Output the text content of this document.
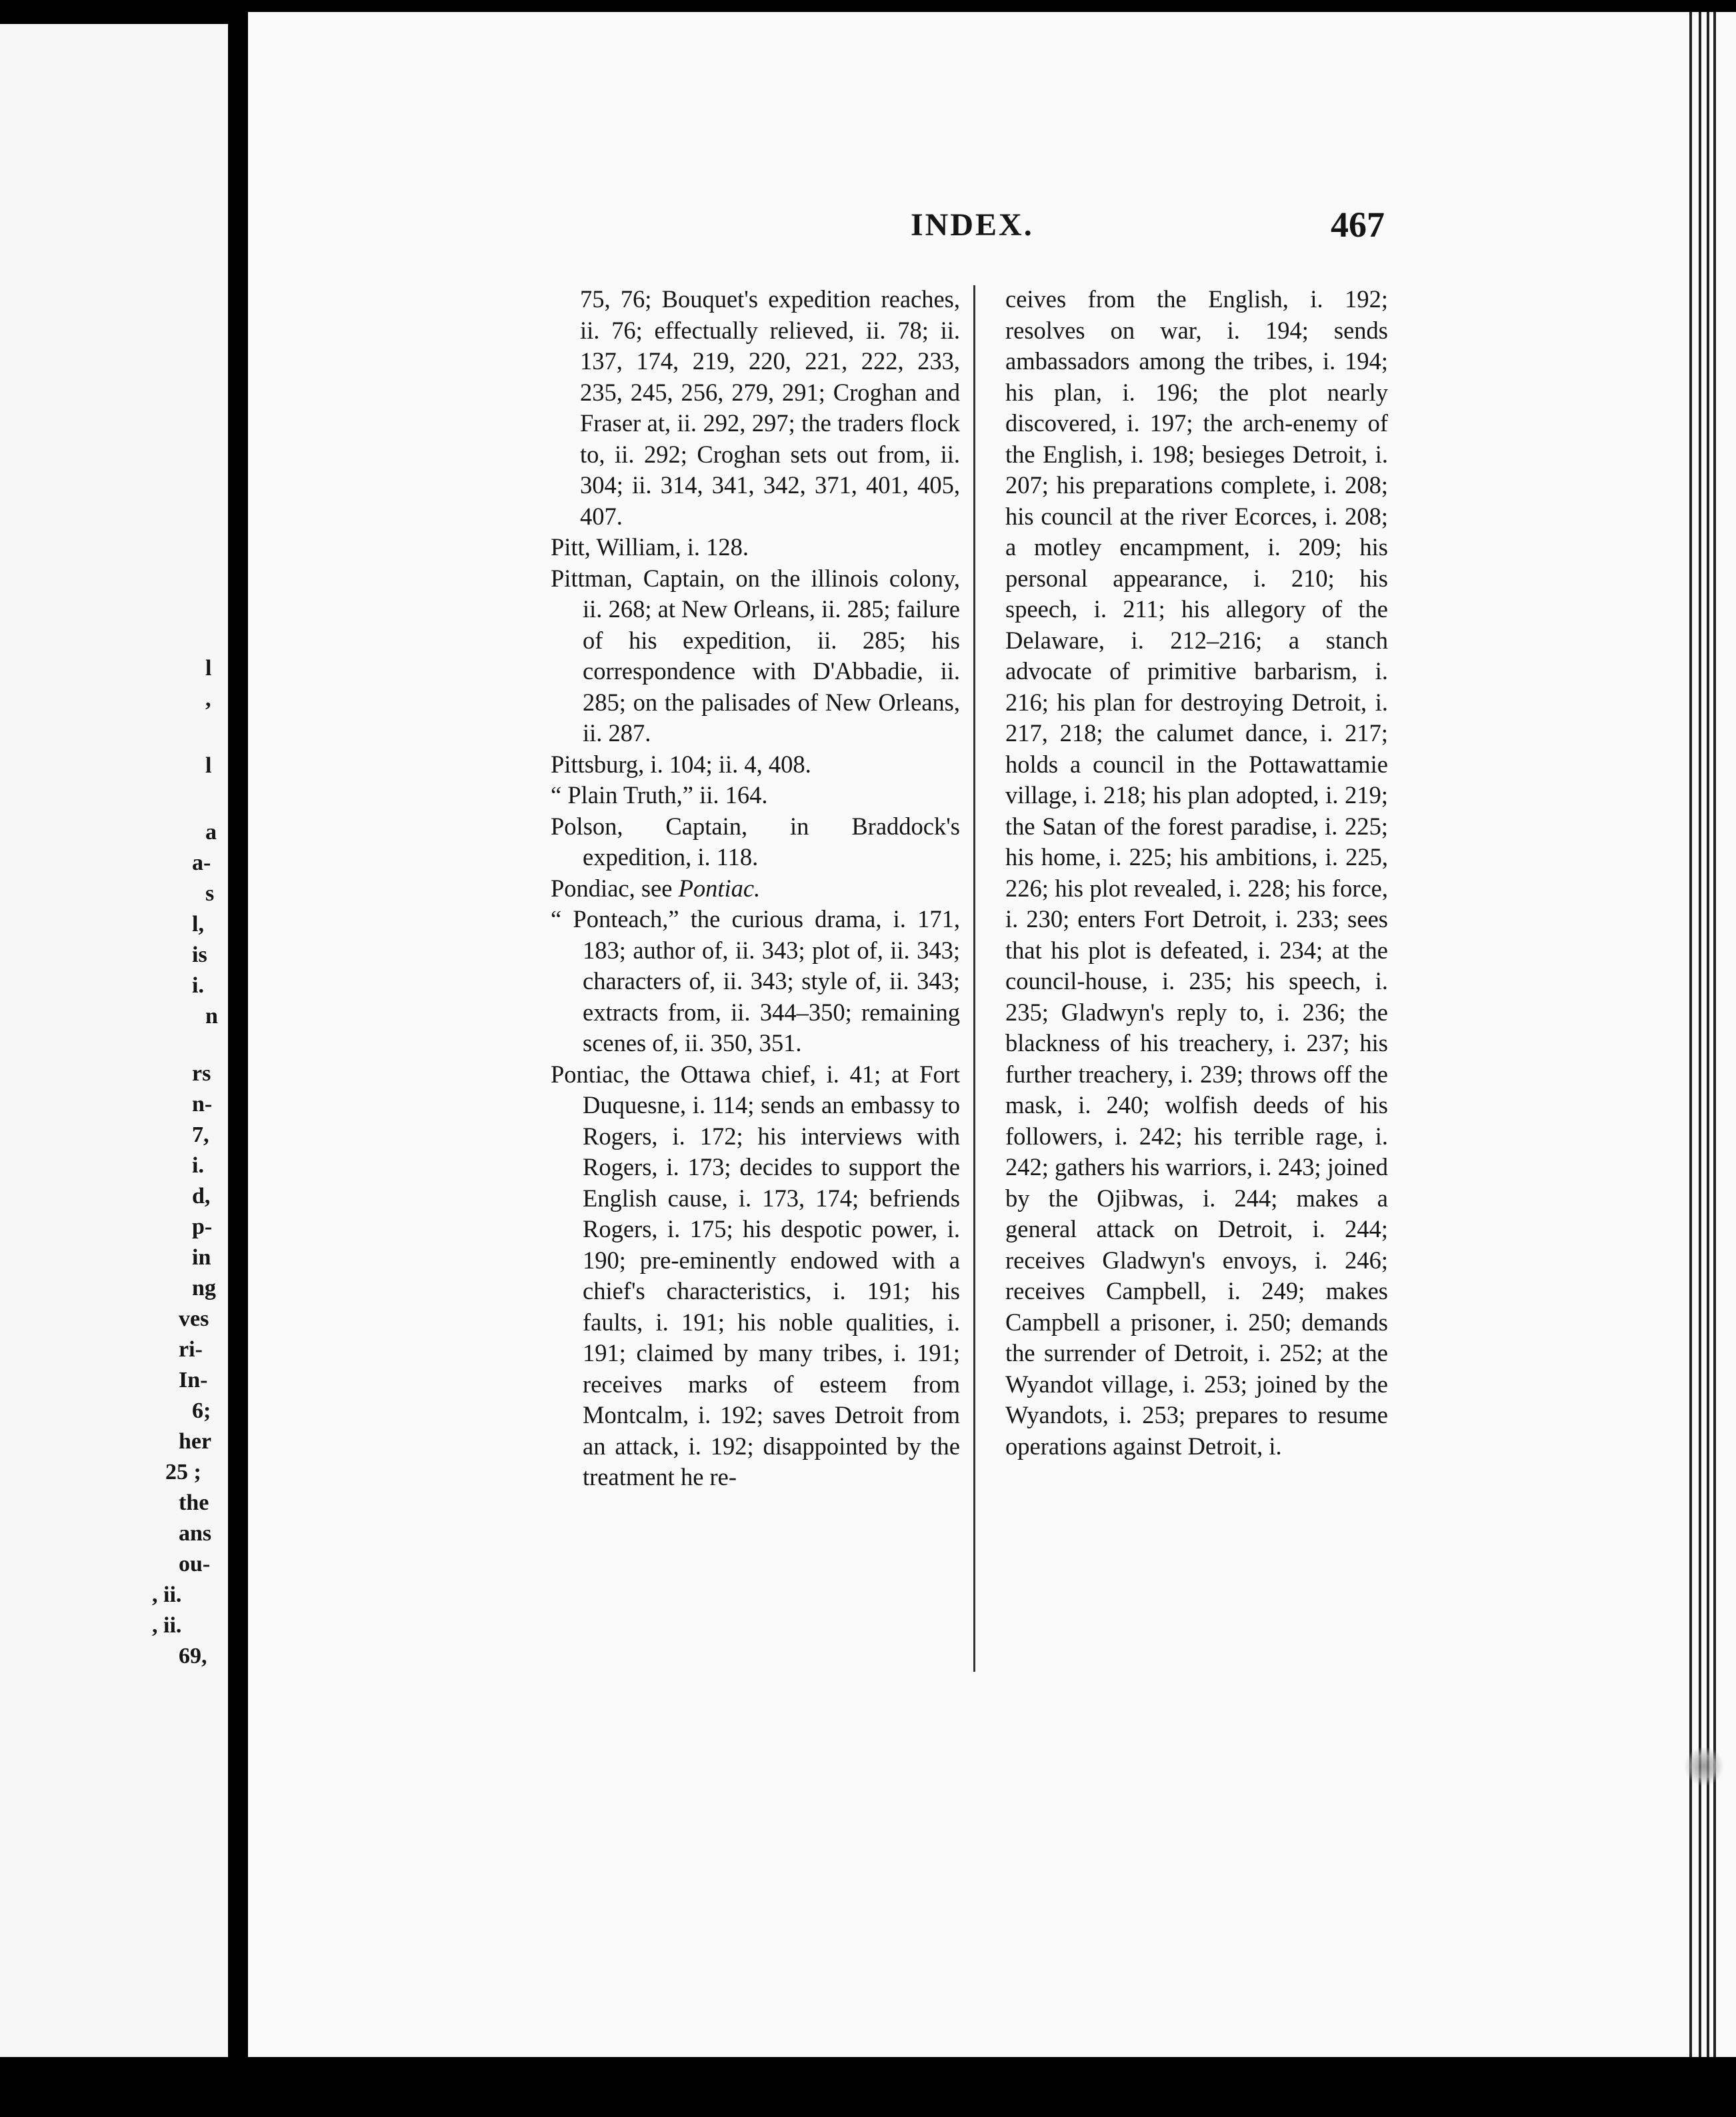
l
,
l
a
a-
s
l,
is
i.
n
rs
n-
7,
i.
d,
p-
in
ng
ves
ri-
In-
6;
her
25 ;
the
ans
ou-
, ii.
, ii.
69,
INDEX.	467

75, 76; Bouquet's expedition reaches, ii. 76; effectually relieved, ii. 78; ii. 137, 174, 219, 220, 221, 222, 233, 235, 245, 256, 279, 291; Croghan and Fraser at, ii. 292, 297; the traders flock to, ii. 292; Croghan sets out from, ii. 304; ii. 314, 341, 342, 371, 401, 405, 407.

Pitt, William, i. 128.

Pittman, Captain, on the illinois colony, ii. 268; at New Orleans, ii. 285; failure of his expedition, ii. 285; his correspondence with D'Abbadie, ii. 285; on the palisades of New Orleans, ii. 287.

Pittsburg, i. 104; ii. 4, 408.

“ Plain Truth,” ii. 164.

Polson, Captain, in Braddock's expedition, i. 118.

Pondiac, see Pontiac.

“ Ponteach,” the curious drama, i. 171, 183; author of, ii. 343; plot of, ii. 343; characters of, ii. 343; style of, ii. 343; extracts from, ii. 344–350; remaining scenes of, ii. 350, 351.

Pontiac, the Ottawa chief, i. 41; at Fort Duquesne, i. 114; sends an embassy to Rogers, i. 172; his interviews with Rogers, i. 173; decides to support the English cause, i. 173, 174; befriends Rogers, i. 175; his despotic power, i. 190; pre-eminently endowed with a chief's characteristics, i. 191; his faults, i. 191; his noble qualities, i. 191; claimed by many tribes, i. 191; receives marks of esteem from Montcalm, i. 192; saves Detroit from an attack, i. 192; disappointed by the treatment he re-

ceives from the English, i. 192; resolves on war, i. 194; sends ambassadors among the tribes, i. 194; his plan, i. 196; the plot nearly discovered, i. 197; the arch-enemy of the English, i. 198; besieges Detroit, i. 207; his preparations complete, i. 208; his council at the river Ecorces, i. 208; a motley encampment, i. 209; his personal appearance, i. 210; his speech, i. 211; his allegory of the Delaware, i. 212–216; a stanch advocate of primitive barbarism, i. 216; his plan for destroying Detroit, i. 217, 218; the calumet dance, i. 217; holds a council in the Pottawattamie village, i. 218; his plan adopted, i. 219; the Satan of the forest paradise, i. 225; his home, i. 225; his ambitions, i. 225, 226; his plot revealed, i. 228; his force, i. 230; enters Fort Detroit, i. 233; sees that his plot is defeated, i. 234; at the council-house, i. 235; his speech, i. 235; Gladwyn's reply to, i. 236; the blackness of his treachery, i. 237; his further treachery, i. 239; throws off the mask, i. 240; wolfish deeds of his followers, i. 242; his terrible rage, i. 242; gathers his warriors, i. 243; joined by the Ojibwas, i. 244; makes a general attack on Detroit, i. 244; receives Gladwyn's envoys, i. 246; receives Campbell, i. 249; makes Campbell a prisoner, i. 250; demands the surrender of Detroit, i. 252; at the Wyandot village, i. 253; joined by the Wyandots, i. 253; prepares to resume operations against Detroit, i.
